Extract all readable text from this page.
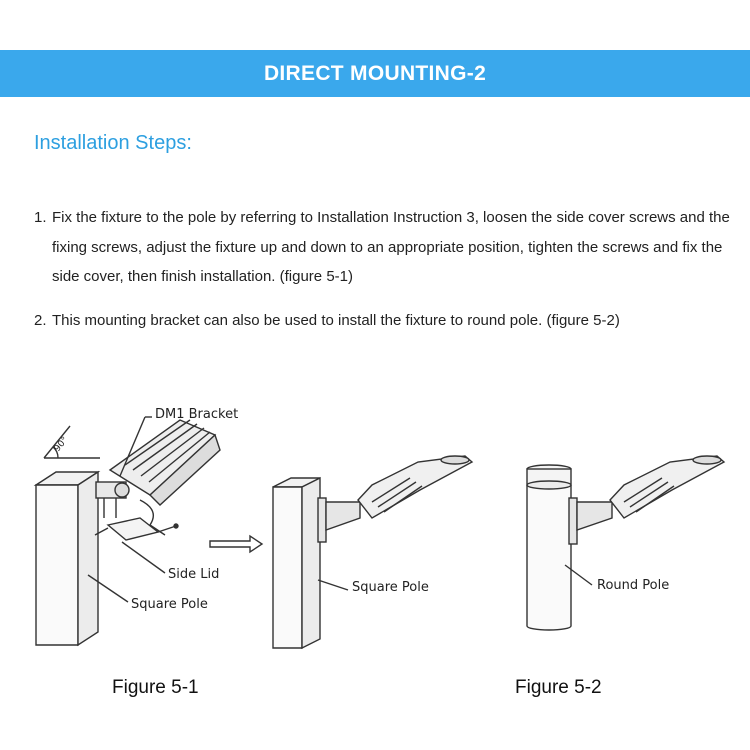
DIRECT MOUNTING-2
Installation Steps:
1. Fix the fixture to the pole by referring to Installation Instruction 3, loosen the side cover screws and the fixing screws, adjust the fixture up and down to an appropriate position, tighten the screws and fix the side cover, then finish installation. (figure 5-1)
2. This mounting bracket can also be used to install the fixture to round pole. (figure 5-2)
DM1 Bracket
90°
Side Lid
Square Pole
Square Pole	Round Pole
Figure 5-1	Figure 5-2
